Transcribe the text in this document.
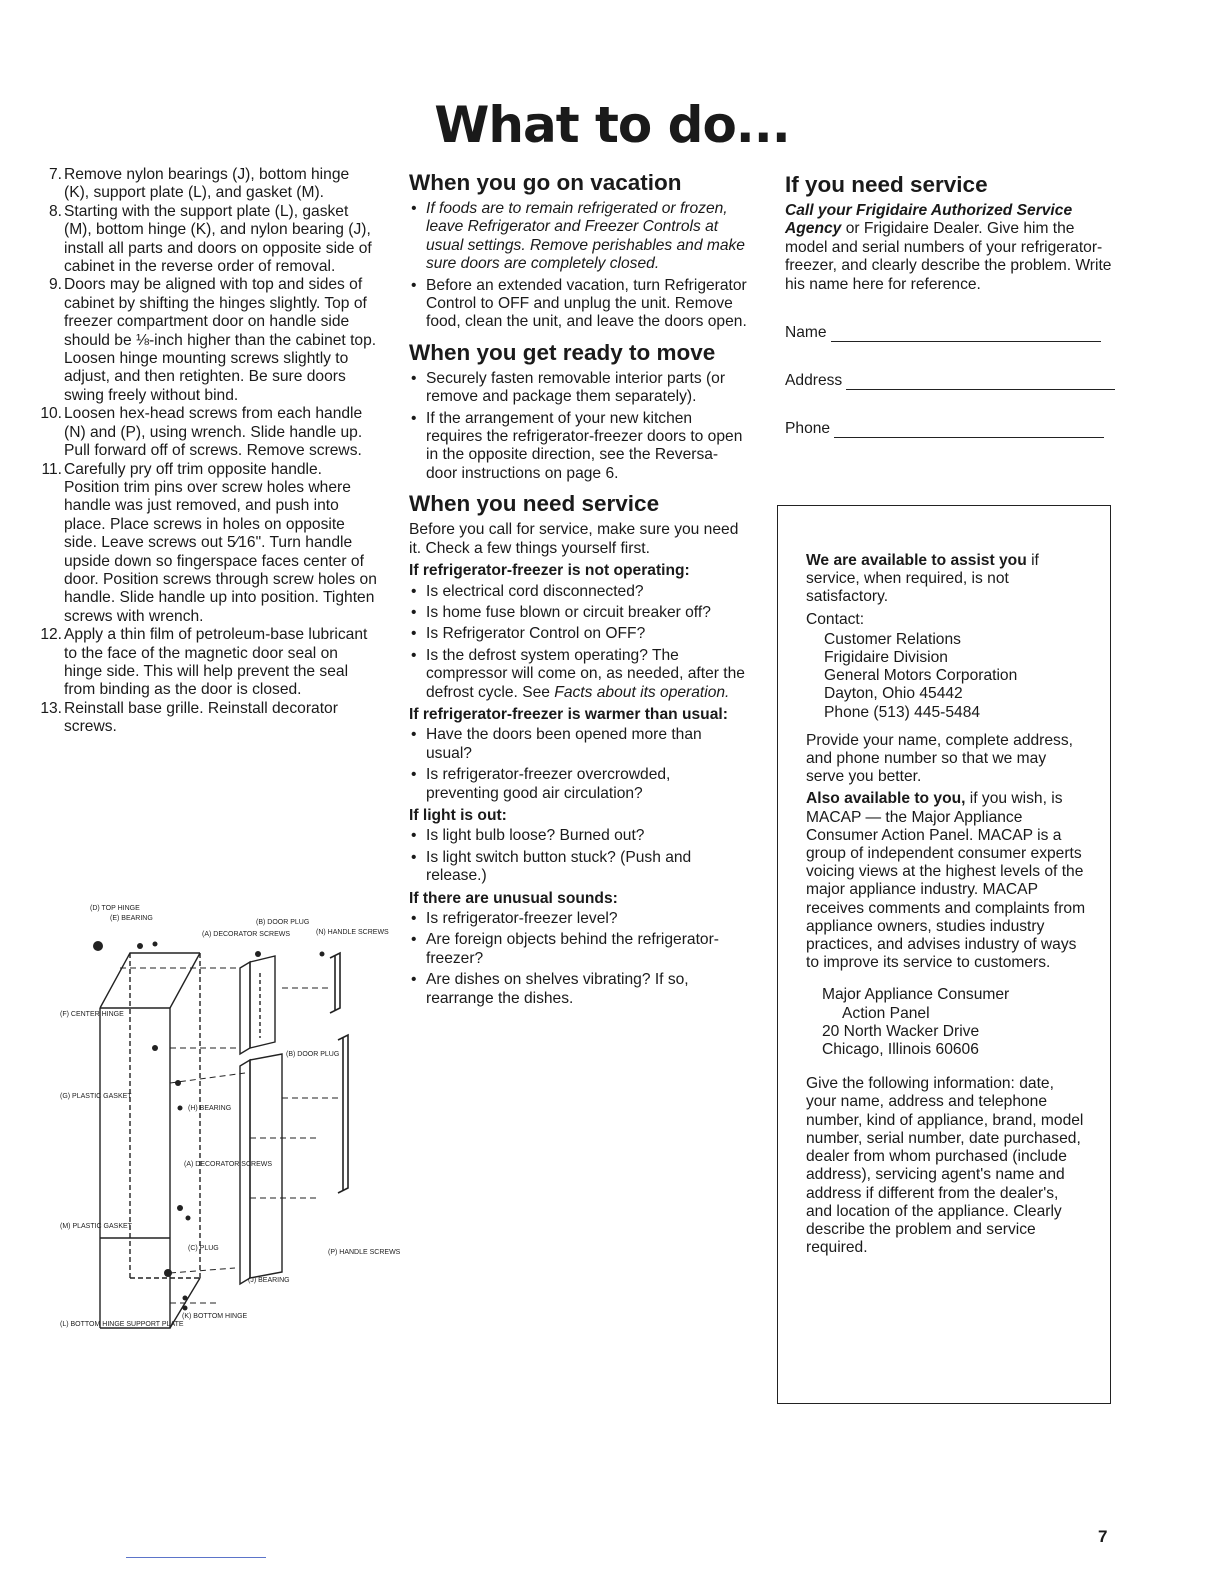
What to do...
7. Remove nylon bearings (J), bottom hinge (K), support plate (L), and gasket (M).
8. Starting with the support plate (L), gasket (M), bottom hinge (K), and nylon bearing (J), install all parts and doors on opposite side of cabinet in the reverse order of removal.
9. Doors may be aligned with top and sides of cabinet by shifting the hinges slightly. Top of freezer compartment door on handle side should be ⅛-inch higher than the cabinet top. Loosen hinge mounting screws slightly to adjust, and then retighten. Be sure doors swing freely without bind.
10. Loosen hex-head screws from each handle (N) and (P), using wrench. Slide handle up. Pull forward off of screws. Remove screws.
11. Carefully pry off trim opposite handle. Position trim pins over screw holes where handle was just removed, and push into place. Place screws in holes on opposite side. Leave screws out 5⁄16". Turn handle upside down so fingerspace faces center of door. Position screws through screw holes on handle. Slide handle up into position. Tighten screws with wrench.
12. Apply a thin film of petroleum-base lubricant to the face of the magnetic door seal on hinge side. This will help prevent the seal from binding as the door is closed.
13. Reinstall base grille. Reinstall decorator screws.
(D) TOP HINGE
(E) BEARING
(A) DECORATOR SCREWS
(B) DOOR PLUG
(N) HANDLE SCREWS
(F) CENTER HINGE
(B) DOOR PLUG
(G) PLASTIC GASKET
(H) BEARING
(A) DECORATOR SCREWS
(M) PLASTIC GASKET
(C) PLUG
(P) HANDLE SCREWS
(J) BEARING
(L) BOTTOM HINGE SUPPORT PLATE
(K) BOTTOM HINGE
When you go on vacation
• If foods are to remain refrigerated or frozen, leave Refrigerator and Freezer Controls at usual settings. Remove perishables and make sure doors are completely closed.
• Before an extended vacation, turn Refrigerator Control to OFF and unplug the unit. Remove food, clean the unit, and leave the doors open.
When you get ready to move
• Securely fasten removable interior parts (or remove and package them separately).
• If the arrangement of your new kitchen requires the refrigerator-freezer doors to open in the opposite direction, see the Reversa-door instructions on page 6.
When you need service

Before you call for service, make sure you need it. Check a few things yourself first.

If refrigerator-freezer is not operating:
• Is electrical cord disconnected?
• Is home fuse blown or circuit breaker off?
• Is Refrigerator Control on OFF?
• Is the defrost system operating? The compressor will come on, as needed, after the defrost cycle. See Facts about its operation.
If refrigerator-freezer is warmer than usual:
• Have the doors been opened more than usual?
• Is refrigerator-freezer overcrowded, preventing good air circulation?
If light is out:
• Is light bulb loose? Burned out?
• Is light switch button stuck? (Push and release.)
If there are unusual sounds:
• Is refrigerator-freezer level?
• Are foreign objects behind the refrigerator-freezer?
• Are dishes on shelves vibrating? If so, rearrange the dishes.
If you need service

Call your Frigidaire Authorized Service Agency or Frigidaire Dealer. Give him the model and serial numbers of your refrigerator-freezer, and clearly describe the problem. Write his name here for reference.

Name
Address
Phone

We are available to assist you if service, when required, is not satisfactory.

Contact:
Customer Relations
Frigidaire Division
General Motors Corporation
Dayton, Ohio 45442
Phone (513) 445-5484

Provide your name, complete address, and phone number so that we may serve you better.

Also available to you, if you wish, is MACAP — the Major Appliance Consumer Action Panel. MACAP is a group of independent consumer experts voicing views at the highest levels of the major appliance industry. MACAP receives comments and complaints from appliance owners, studies industry practices, and advises industry of ways to improve its service to customers.

Major Appliance Consumer
Action Panel
20 North Wacker Drive
Chicago, Illinois 60606

Give the following information: date, your name, address and telephone number, kind of appliance, brand, model number, serial number, date purchased, dealer from whom purchased (include address), servicing agent's name and address if different from the dealer's, and location of the appliance. Clearly describe the problem and service required.

7
